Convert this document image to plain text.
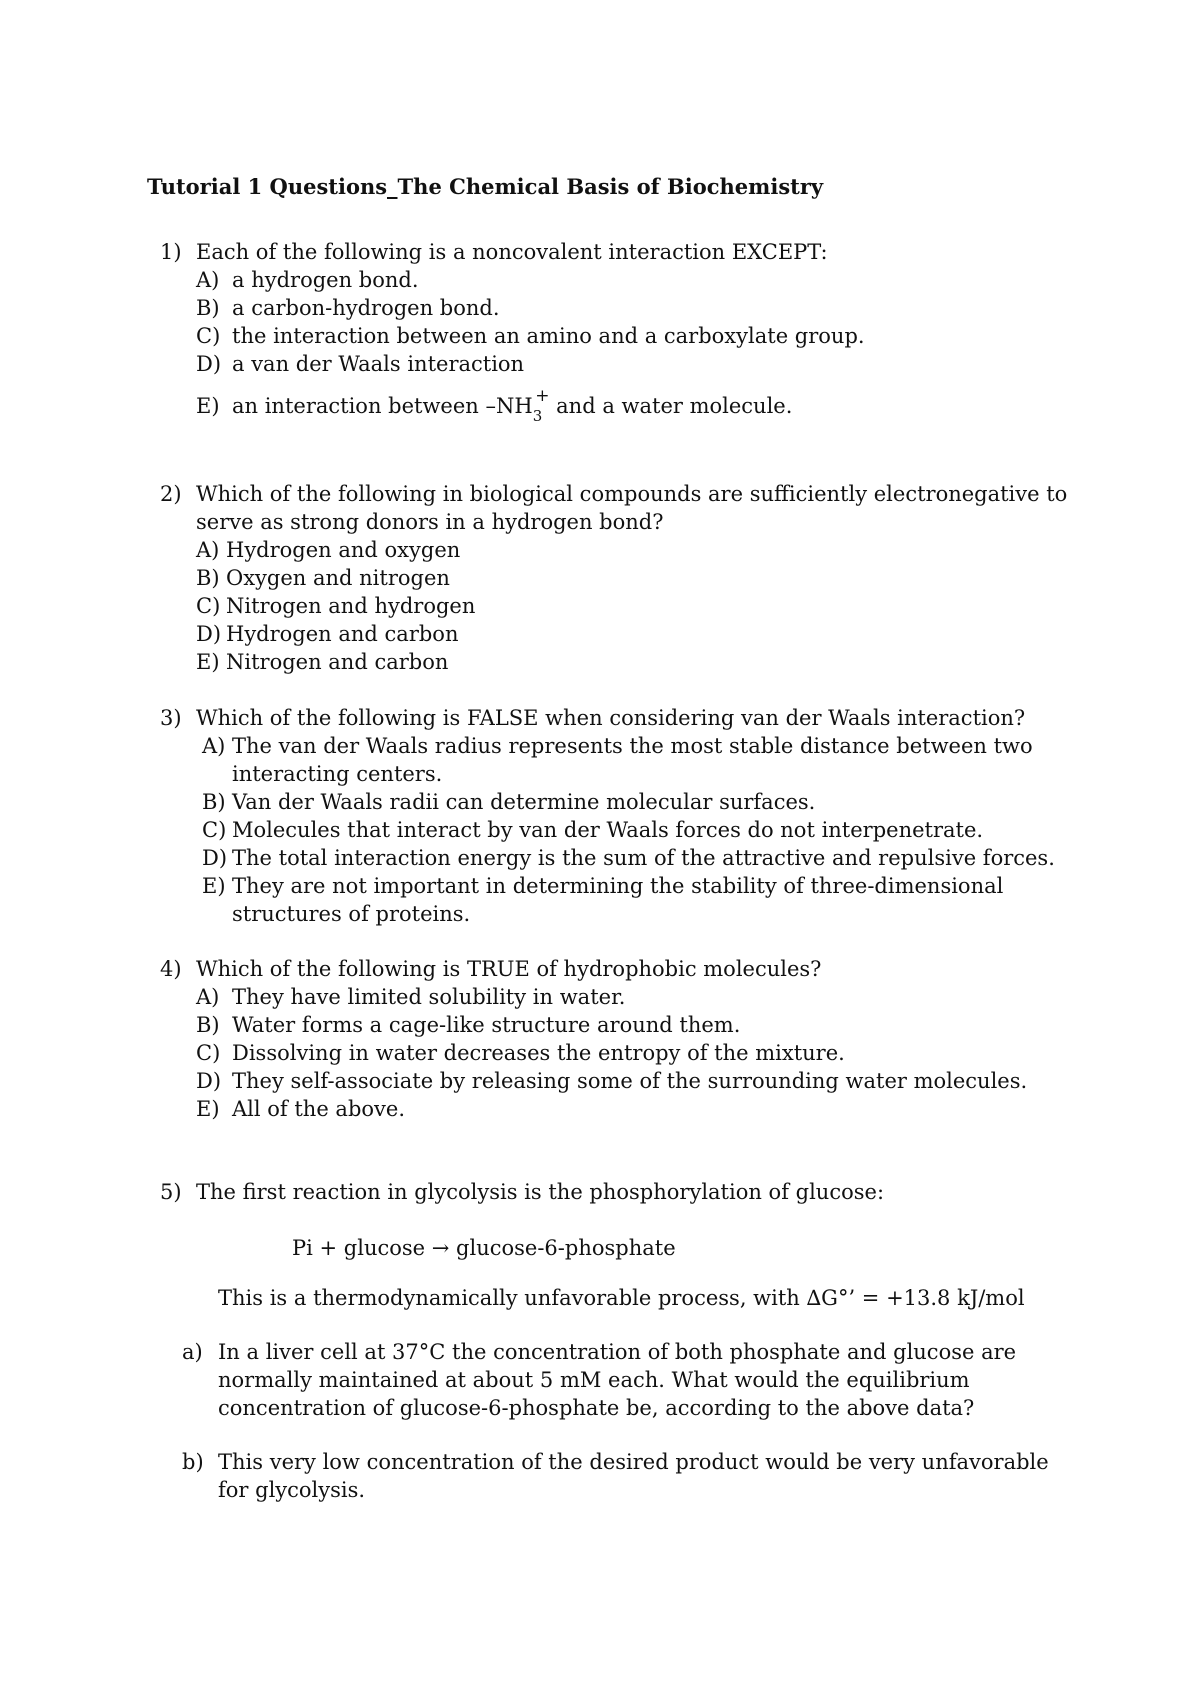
Tutorial 1 Questions_The Chemical Basis of Biochemistry
1) Each of the following is a noncovalent interaction EXCEPT:
A) a hydrogen bond.
B) a carbon-hydrogen bond.
C) the interaction between an amino and a carboxylate group.
D) a van der Waals interaction
E) an interaction between $-NH_3^+$ and a water molecule.
2) Which of the following in biological compounds are sufficiently electronegative to serve as strong donors in a hydrogen bond?
A) Hydrogen and oxygen
B) Oxygen and nitrogen
C) Nitrogen and hydrogen
D) Hydrogen and carbon
E) Nitrogen and carbon
3) Which of the following is FALSE when considering van der Waals interaction?
A) The van der Waals radius represents the most stable distance between two interacting centers.
B) Van der Waals radii can determine molecular surfaces.
C) Molecules that interact by van der Waals forces do not interpenetrate.
D) The total interaction energy is the sum of the attractive and repulsive forces.
E) They are not important in determining the stability of three-dimensional structures of proteins.
4) Which of the following is TRUE of hydrophobic molecules?
A) They have limited solubility in water.
B) Water forms a cage-like structure around them.
C) Dissolving in water decreases the entropy of the mixture.
D) They self-associate by releasing some of the surrounding water molecules.
E) All of the above.
5) The first reaction in glycolysis is the phosphorylation of glucose:
Pi + glucose → glucose-6-phosphate
This is a thermodynamically unfavorable process, with ∆G°’ = +13.8 kJ/mol
a) In a liver cell at 37°C the concentration of both phosphate and glucose are normally maintained at about 5 mM each. What would the equilibrium concentration of glucose-6-phosphate be, according to the above data?
b) This very low concentration of the desired product would be very unfavorable for glycolysis.
